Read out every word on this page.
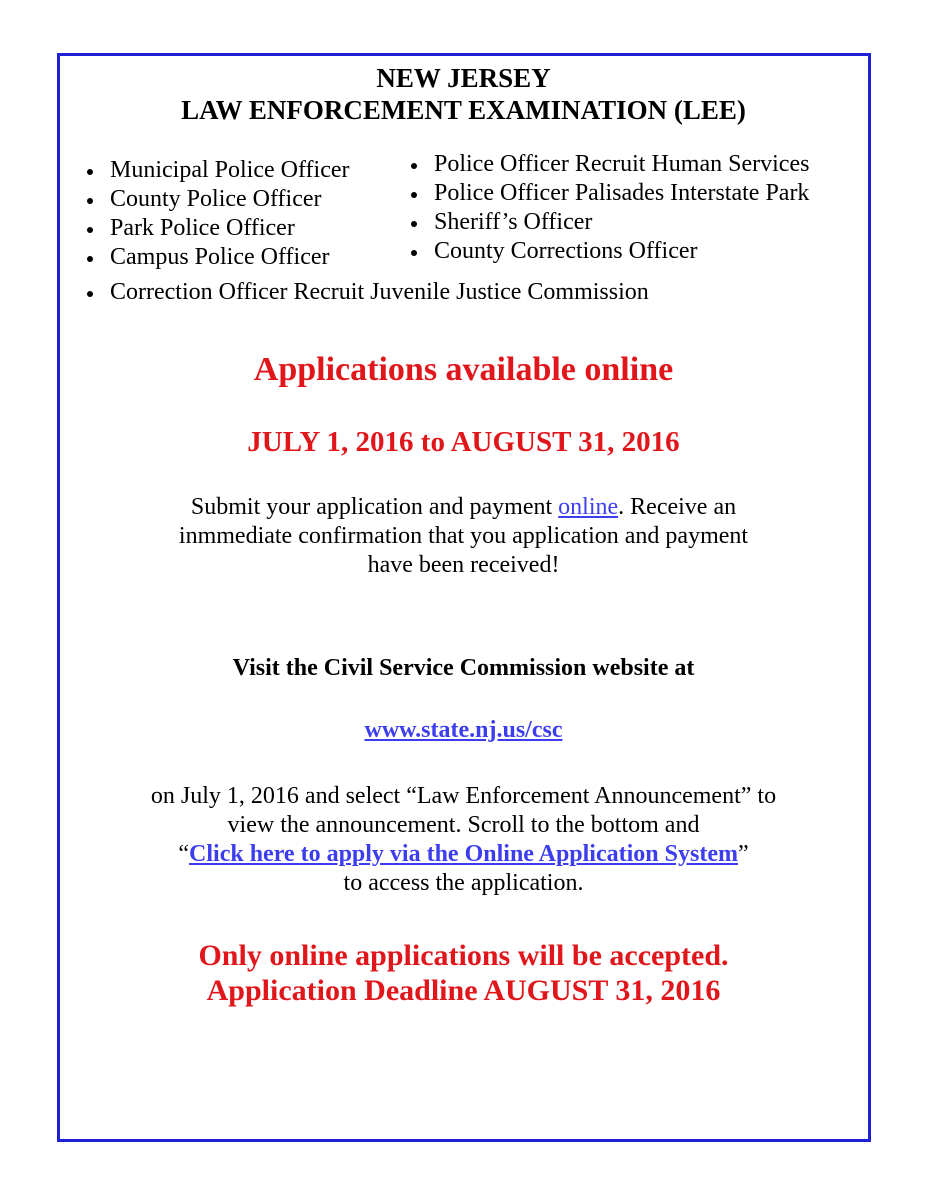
NEW JERSEY
LAW ENFORCEMENT EXAMINATION (LEE)
Municipal Police Officer
County Police Officer
Park Police Officer
Campus Police Officer
Police Officer Recruit Human Services
Police Officer Palisades Interstate Park
Sheriff’s Officer
County Corrections Officer
Correction Officer Recruit Juvenile Justice Commission
Applications available online
JULY 1, 2016 to AUGUST 31, 2016
Submit your application and payment online. Receive an
inmmediate confirmation that you application and payment
have been received!
Visit the Civil Service Commission website at
www.state.nj.us/csc
on July 1, 2016 and select “Law Enforcement Announcement” to
view the announcement. Scroll to the bottom and
“Click here to apply via the Online Application System”
to access the application.
Only online applications will be accepted.
Application Deadline AUGUST 31, 2016
